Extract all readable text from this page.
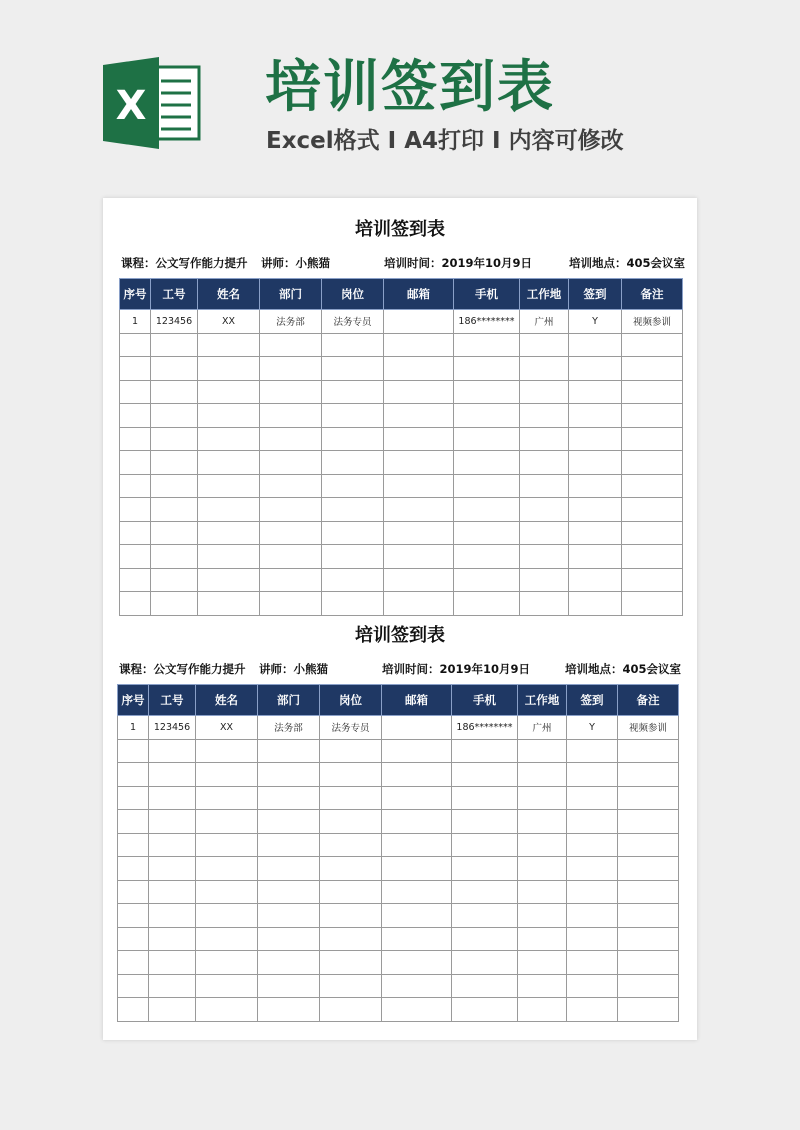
X 培训签到表
Excel格式 I A4打印 I 内容可修改
培训签到表
课程：公文写作能力提升 讲师：小熊猫	培训时间：2019年10月9日	培训地点：405会议室
序号	工号	姓名	部门	岗位	邮箱	手机	工作地	签到	备注
1	123456	XX	法务部	法务专员		186********	广州	Y	视频参训

培训签到表
课程：公文写作能力提升 讲师：小熊猫	培训时间：2019年10月9日	培训地点：405会议室
序号	工号	姓名	部门	岗位	邮箱	手机	工作地	签到	备注
1	123456	XX	法务部	法务专员		186********	广州	Y	视频参训
